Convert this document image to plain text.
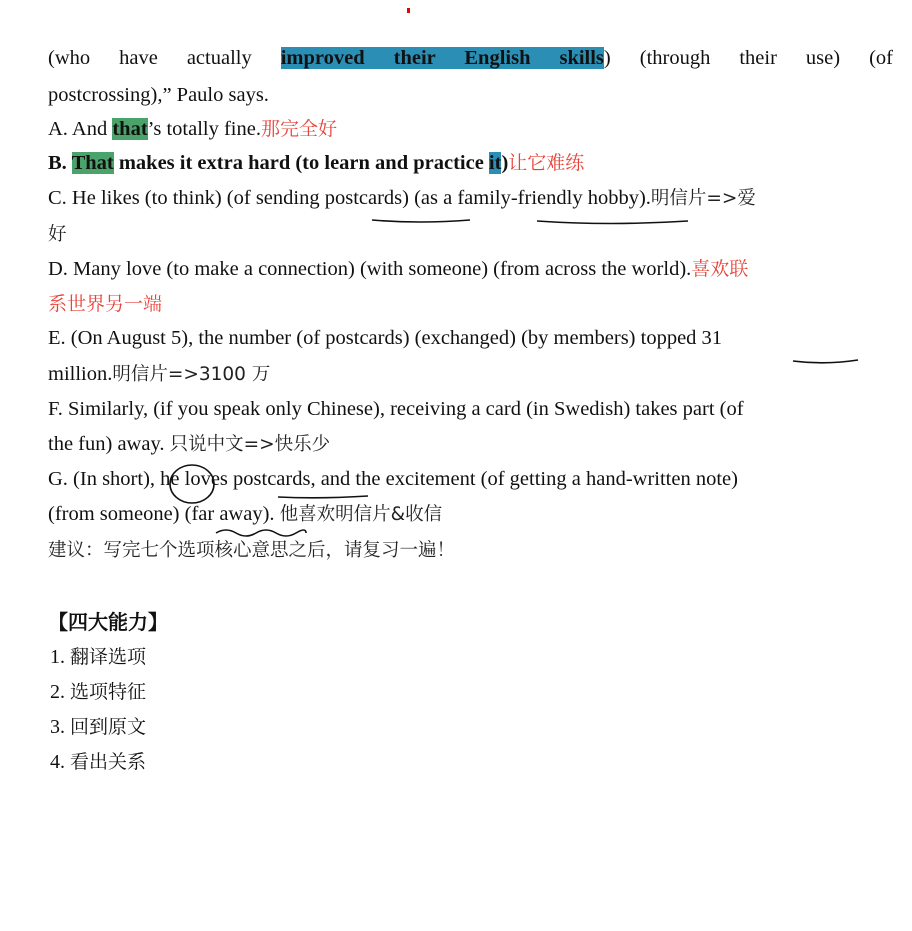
(who have actually improved their English skills) (through their use) (of
postcrossing),” Paulo says.
A. And that’s totally fine.那完全好
B. That makes it extra hard (to learn and practice it)让它难练
C. He likes (to think) (of sending postcards) (as a family-friendly hobby).明信片=>爱
好
D. Many love (to make a connection) (with someone) (from across the world).喜欢联
系世界另一端
E. (On August 5), the number (of postcards) (exchanged) (by members) topped 31
million.明信片=>3100 万
F. Similarly, (if you speak only Chinese), receiving a card (in Swedish) takes part (of
the fun) away. 只说中文=>快乐少
G. (In short), he loves postcards, and the excitement (of getting a hand-written note)
(from someone) (far away). 他喜欢明信片&收信
建议：写完七个选项核心意思之后，请复习一遍！
【四大能力】
1. 翻译选项
2. 选项特征
3. 回到原文
4. 看出关系
